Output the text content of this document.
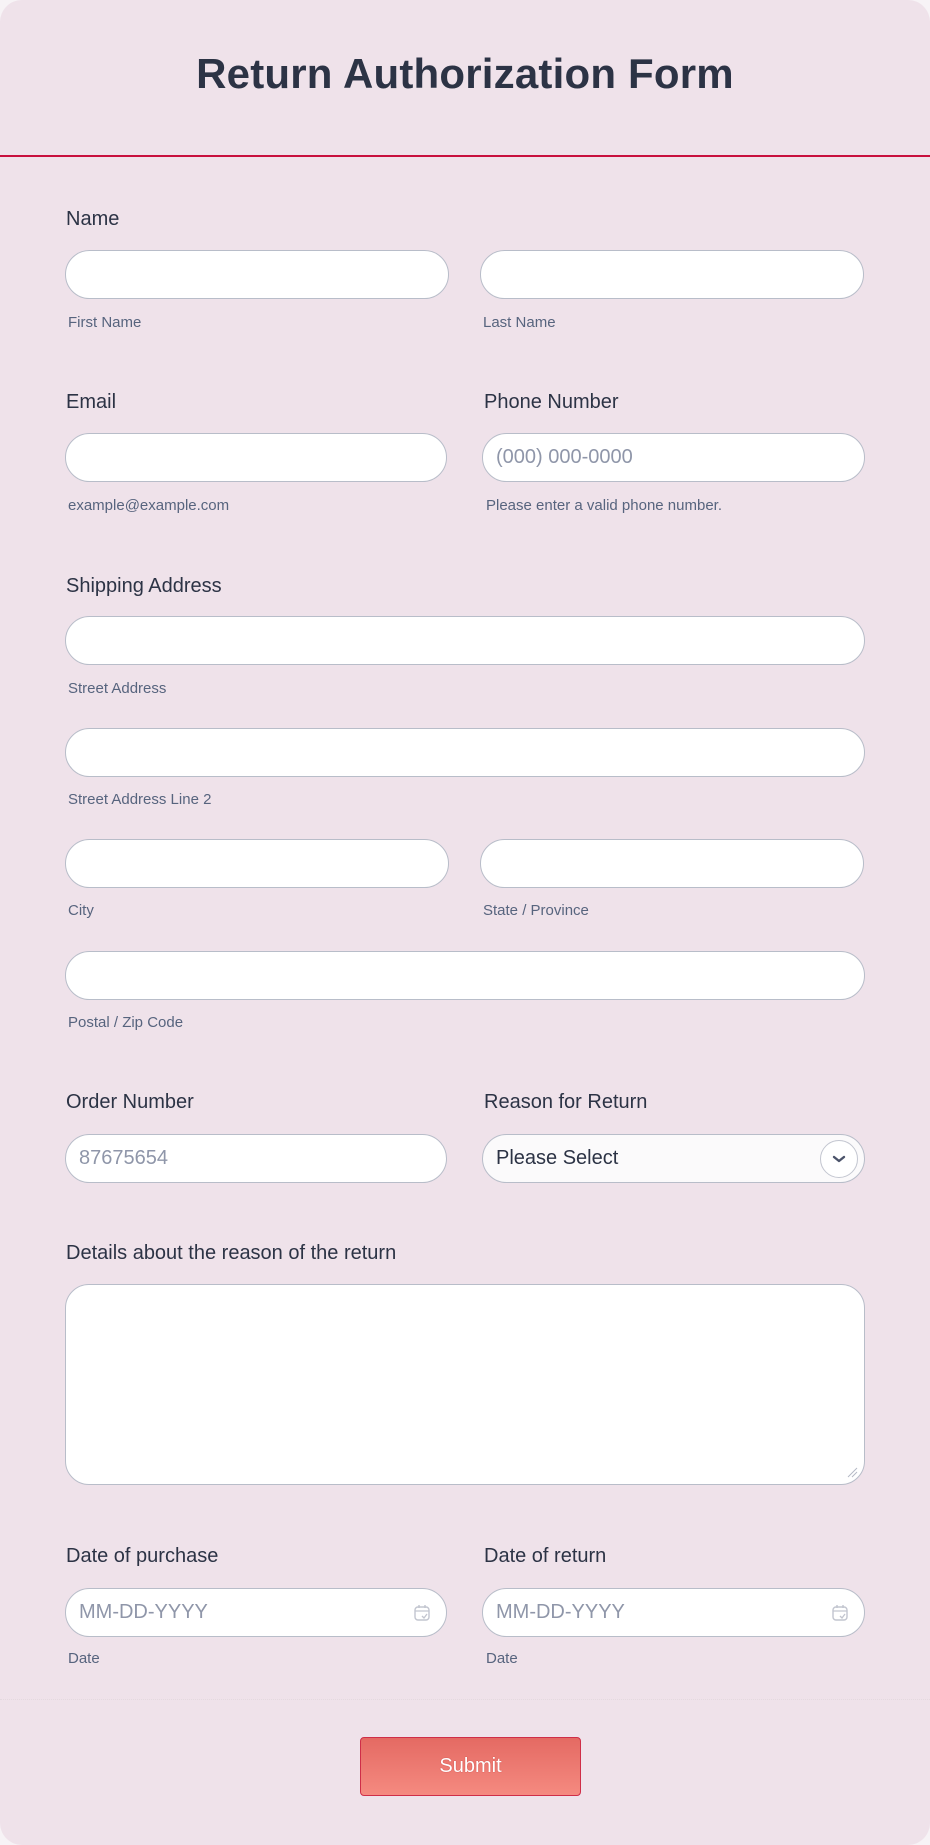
Return Authorization Form
Name
First Name	Last Name
Email
example@example.com
Phone Number
(000) 000-0000
Please enter a valid phone number.
Shipping Address
Street Address
Street Address Line 2
City	State / Province
Postal / Zip Code
Order Number
87675654
Reason for Return
Please Select
Details about the reason of the return
Date of purchase
MM-DD-YYYY
Date
Date of return
MM-DD-YYYY
Date
Submit
